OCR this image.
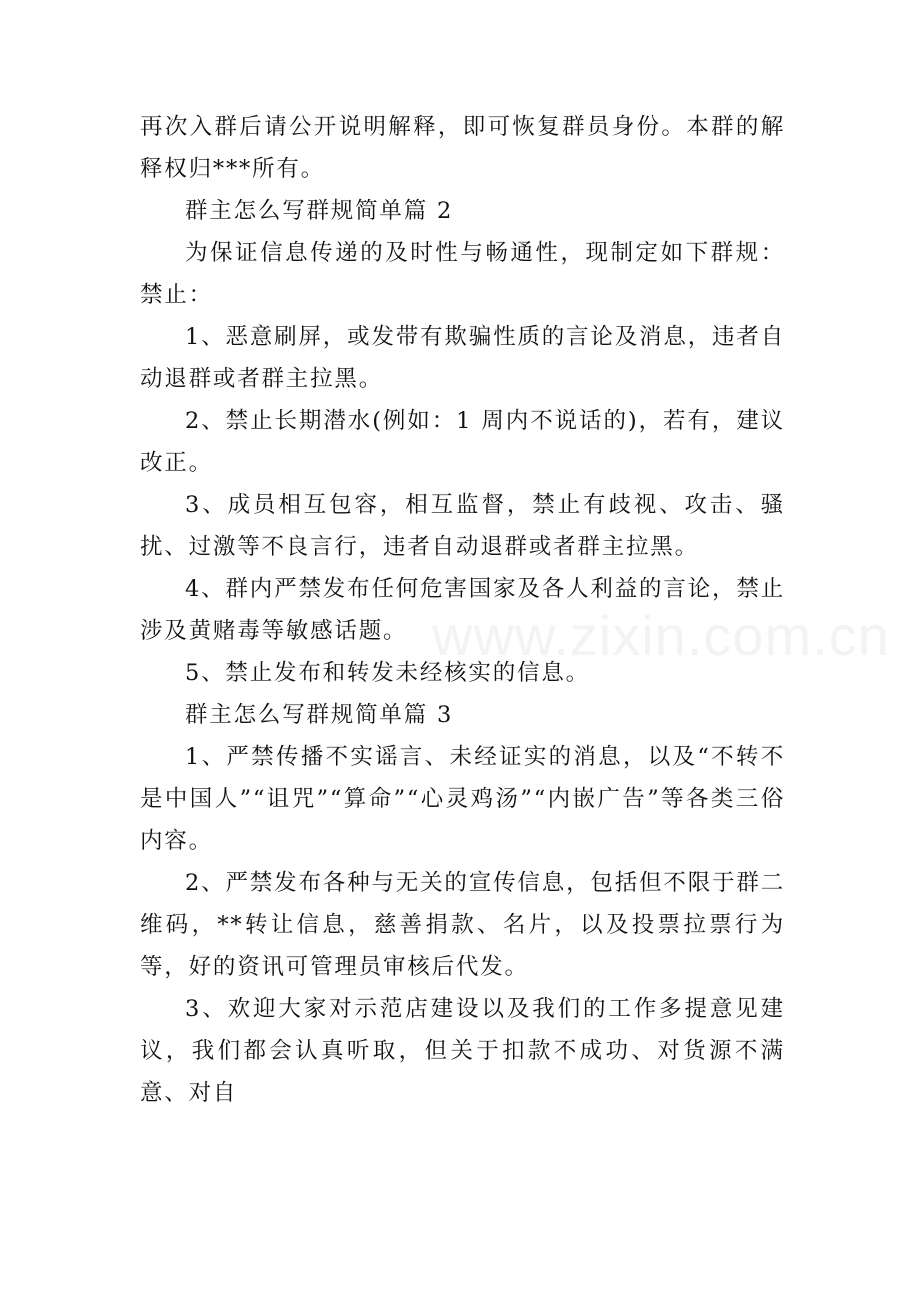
再次入群后请公开说明解释，即可恢复群员身份。本群的解释权归***所有。

群主怎么写群规简单篇 2

为保证信息传递的及时性与畅通性，现制定如下群规：禁止：

1、恶意刷屏，或发带有欺骗性质的言论及消息，违者自动退群或者群主拉黑。

2、禁止长期潜水(例如：1 周内不说话的)，若有，建议改正。

3、成员相互包容，相互监督，禁止有歧视、攻击、骚扰、过激等不良言行，违者自动退群或者群主拉黑。

4、群内严禁发布任何危害国家及各人利益的言论，禁止涉及黄赌毒等敏感话题。

5、禁止发布和转发未经核实的信息。

群主怎么写群规简单篇 3

1、严禁传播不实谣言、未经证实的消息，以及“不转不是中国人”“诅咒”“算命”“心灵鸡汤”“内嵌广告”等各类三俗内容。

2、严禁发布各种与无关的宣传信息，包括但不限于群二维码，**转让信息，慈善捐款、名片，以及投票拉票行为等，好的资讯可管理员审核后代发。

3、欢迎大家对示范店建设以及我们的工作多提意见建议，我们都会认真听取，但关于扣款不成功、对货源不满意、对自

www.zixin.com.cn
